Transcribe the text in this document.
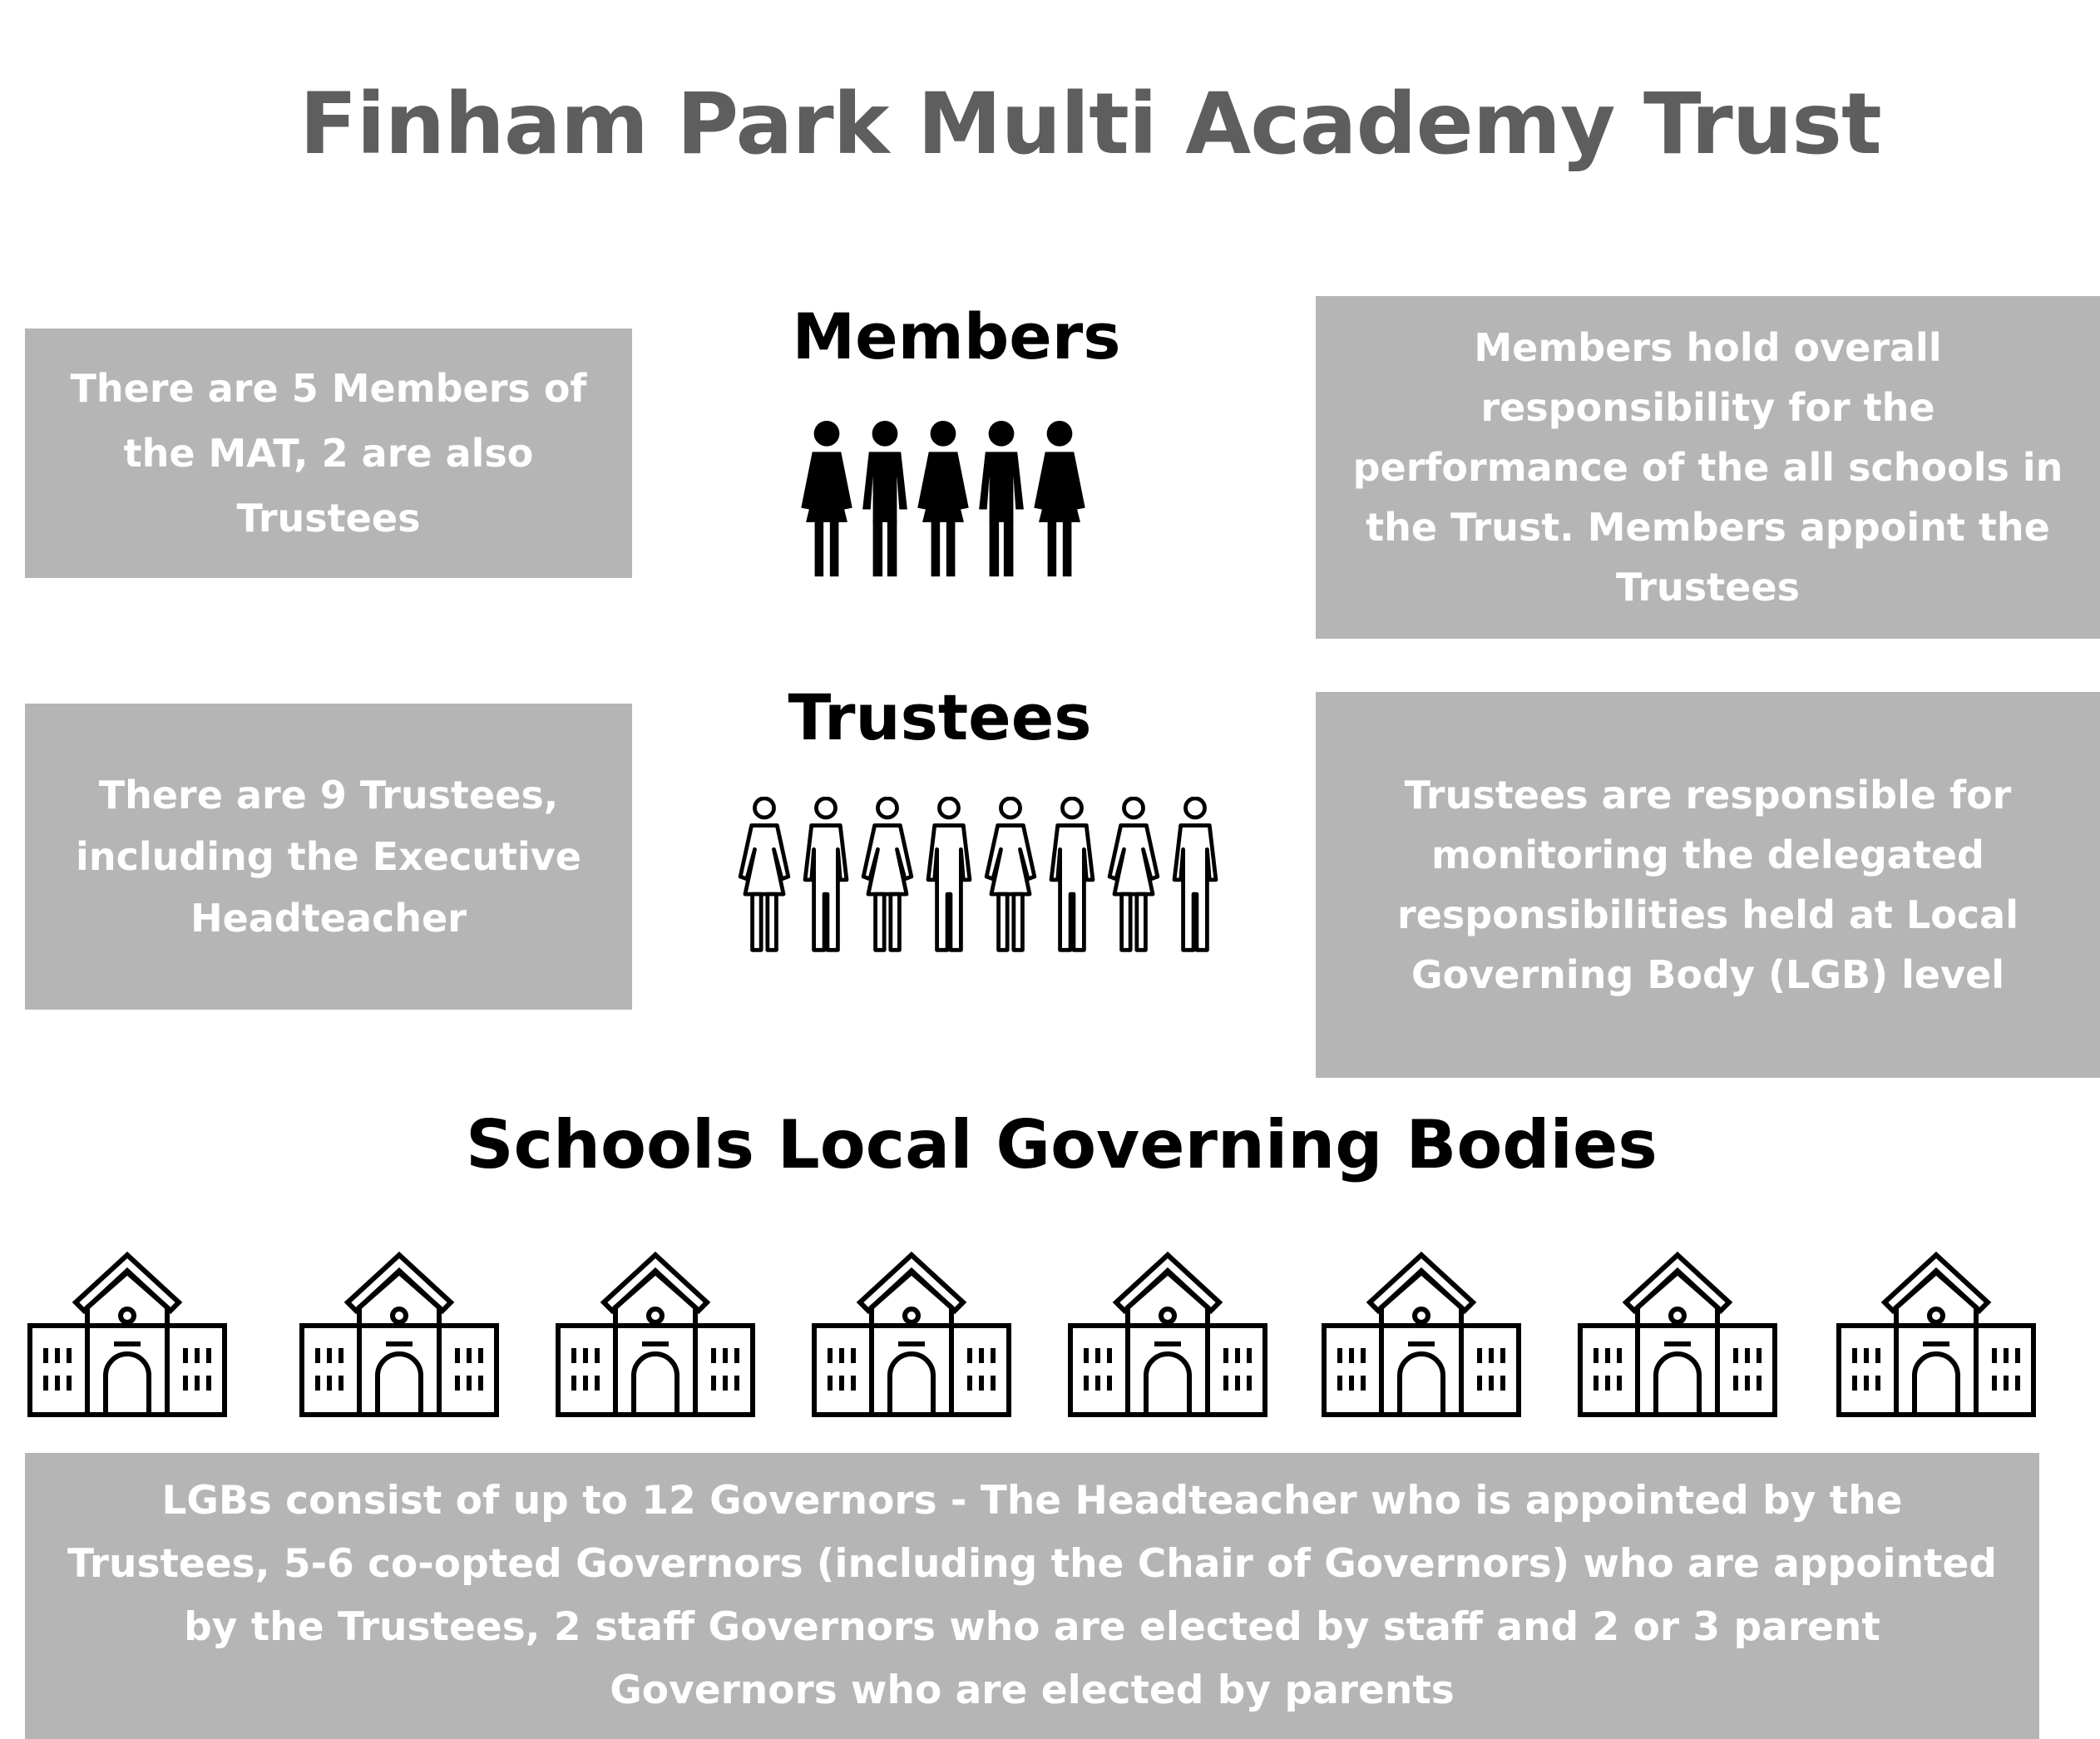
Finham Park Multi Academy Trust
Members
There are 5 Members of the MAT, 2 are also Trustees
Members hold overall responsibility for the performance of the all schools in the Trust. Members appoint the Trustees
Trustees
There are 9 Trustees, including the Executive Headteacher
Trustees are responsible for monitoring the delegated responsibilities held at Local Governing Body (LGB) level
Schools Local Governing Bodies
LGBs consist of up to 12 Governors - The Headteacher who is appointed by the Trustees, 5-6 co-opted Governors (including the Chair of Governors) who are appointed by the Trustees, 2 staff Governors who are elected by staff and 2 or 3 parent Governors who are elected by parents
